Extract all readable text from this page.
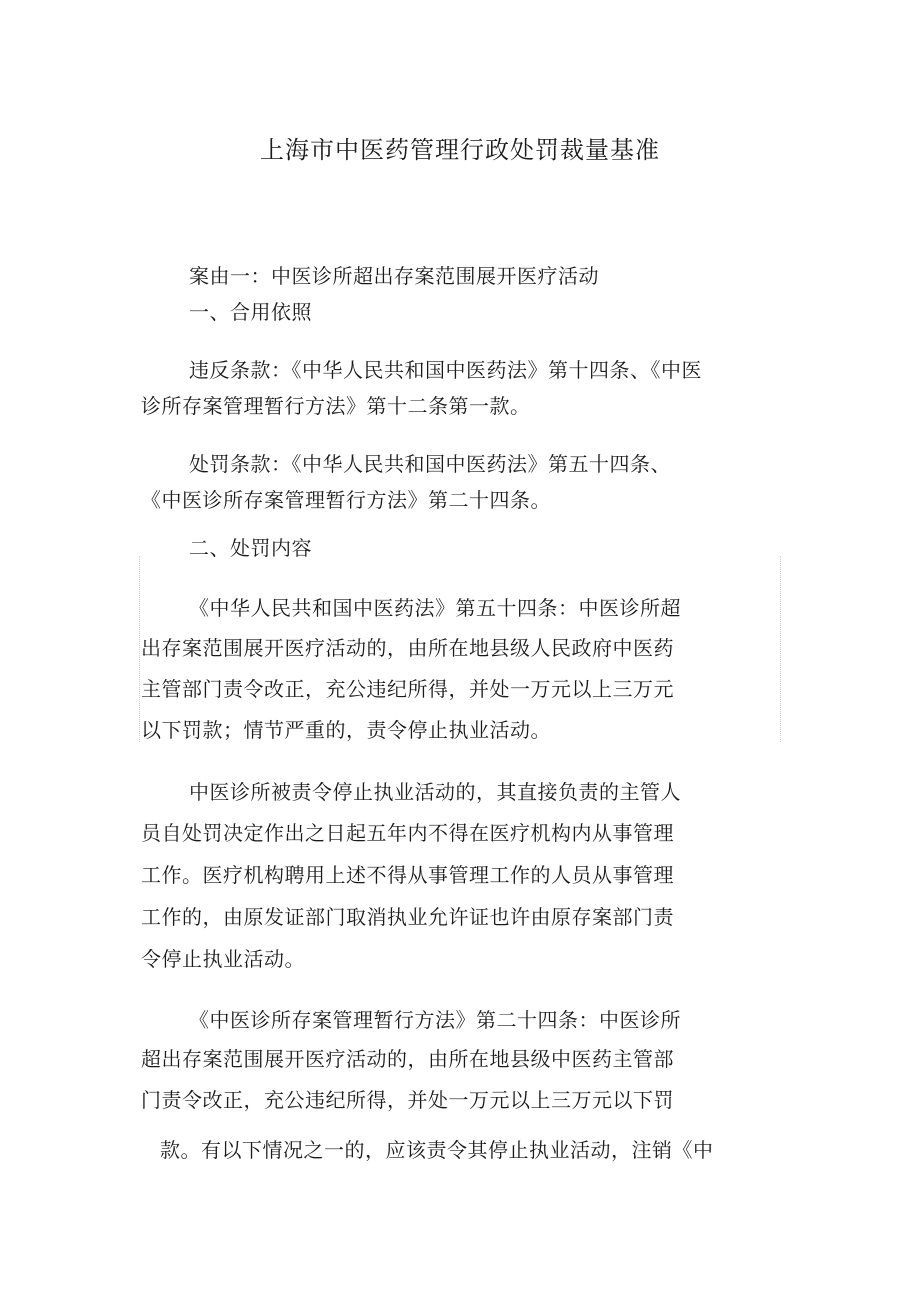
上海市中医药管理行政处罚裁量基准
案由一：中医诊所超出存案范围展开医疗活动
一、合用依照
违反条款：《中华人民共和国中医药法》第十四条、《中医
诊所存案管理暂行方法》第十二条第一款。
处罚条款：《中华人民共和国中医药法》第五十四条、
《中医诊所存案管理暂行方法》第二十四条。
二、处罚内容
《中华人民共和国中医药法》第五十四条：中医诊所超
出存案范围展开医疗活动的，由所在地县级人民政府中医药
主管部门责令改正，充公违纪所得，并处一万元以上三万元
以下罚款；情节严重的，责令停止执业活动。
中医诊所被责令停止执业活动的，其直接负责的主管人
员自处罚决定作出之日起五年内不得在医疗机构内从事管理
工作。医疗机构聘用上述不得从事管理工作的人员从事管理
工作的，由原发证部门取消执业允许证也许由原存案部门责
令停止执业活动。
《中医诊所存案管理暂行方法》第二十四条：中医诊所
超出存案范围展开医疗活动的，由所在地县级中医药主管部
门责令改正，充公违纪所得，并处一万元以上三万元以下罚
款。有以下情况之一的，应该责令其停止执业活动，注销《中
